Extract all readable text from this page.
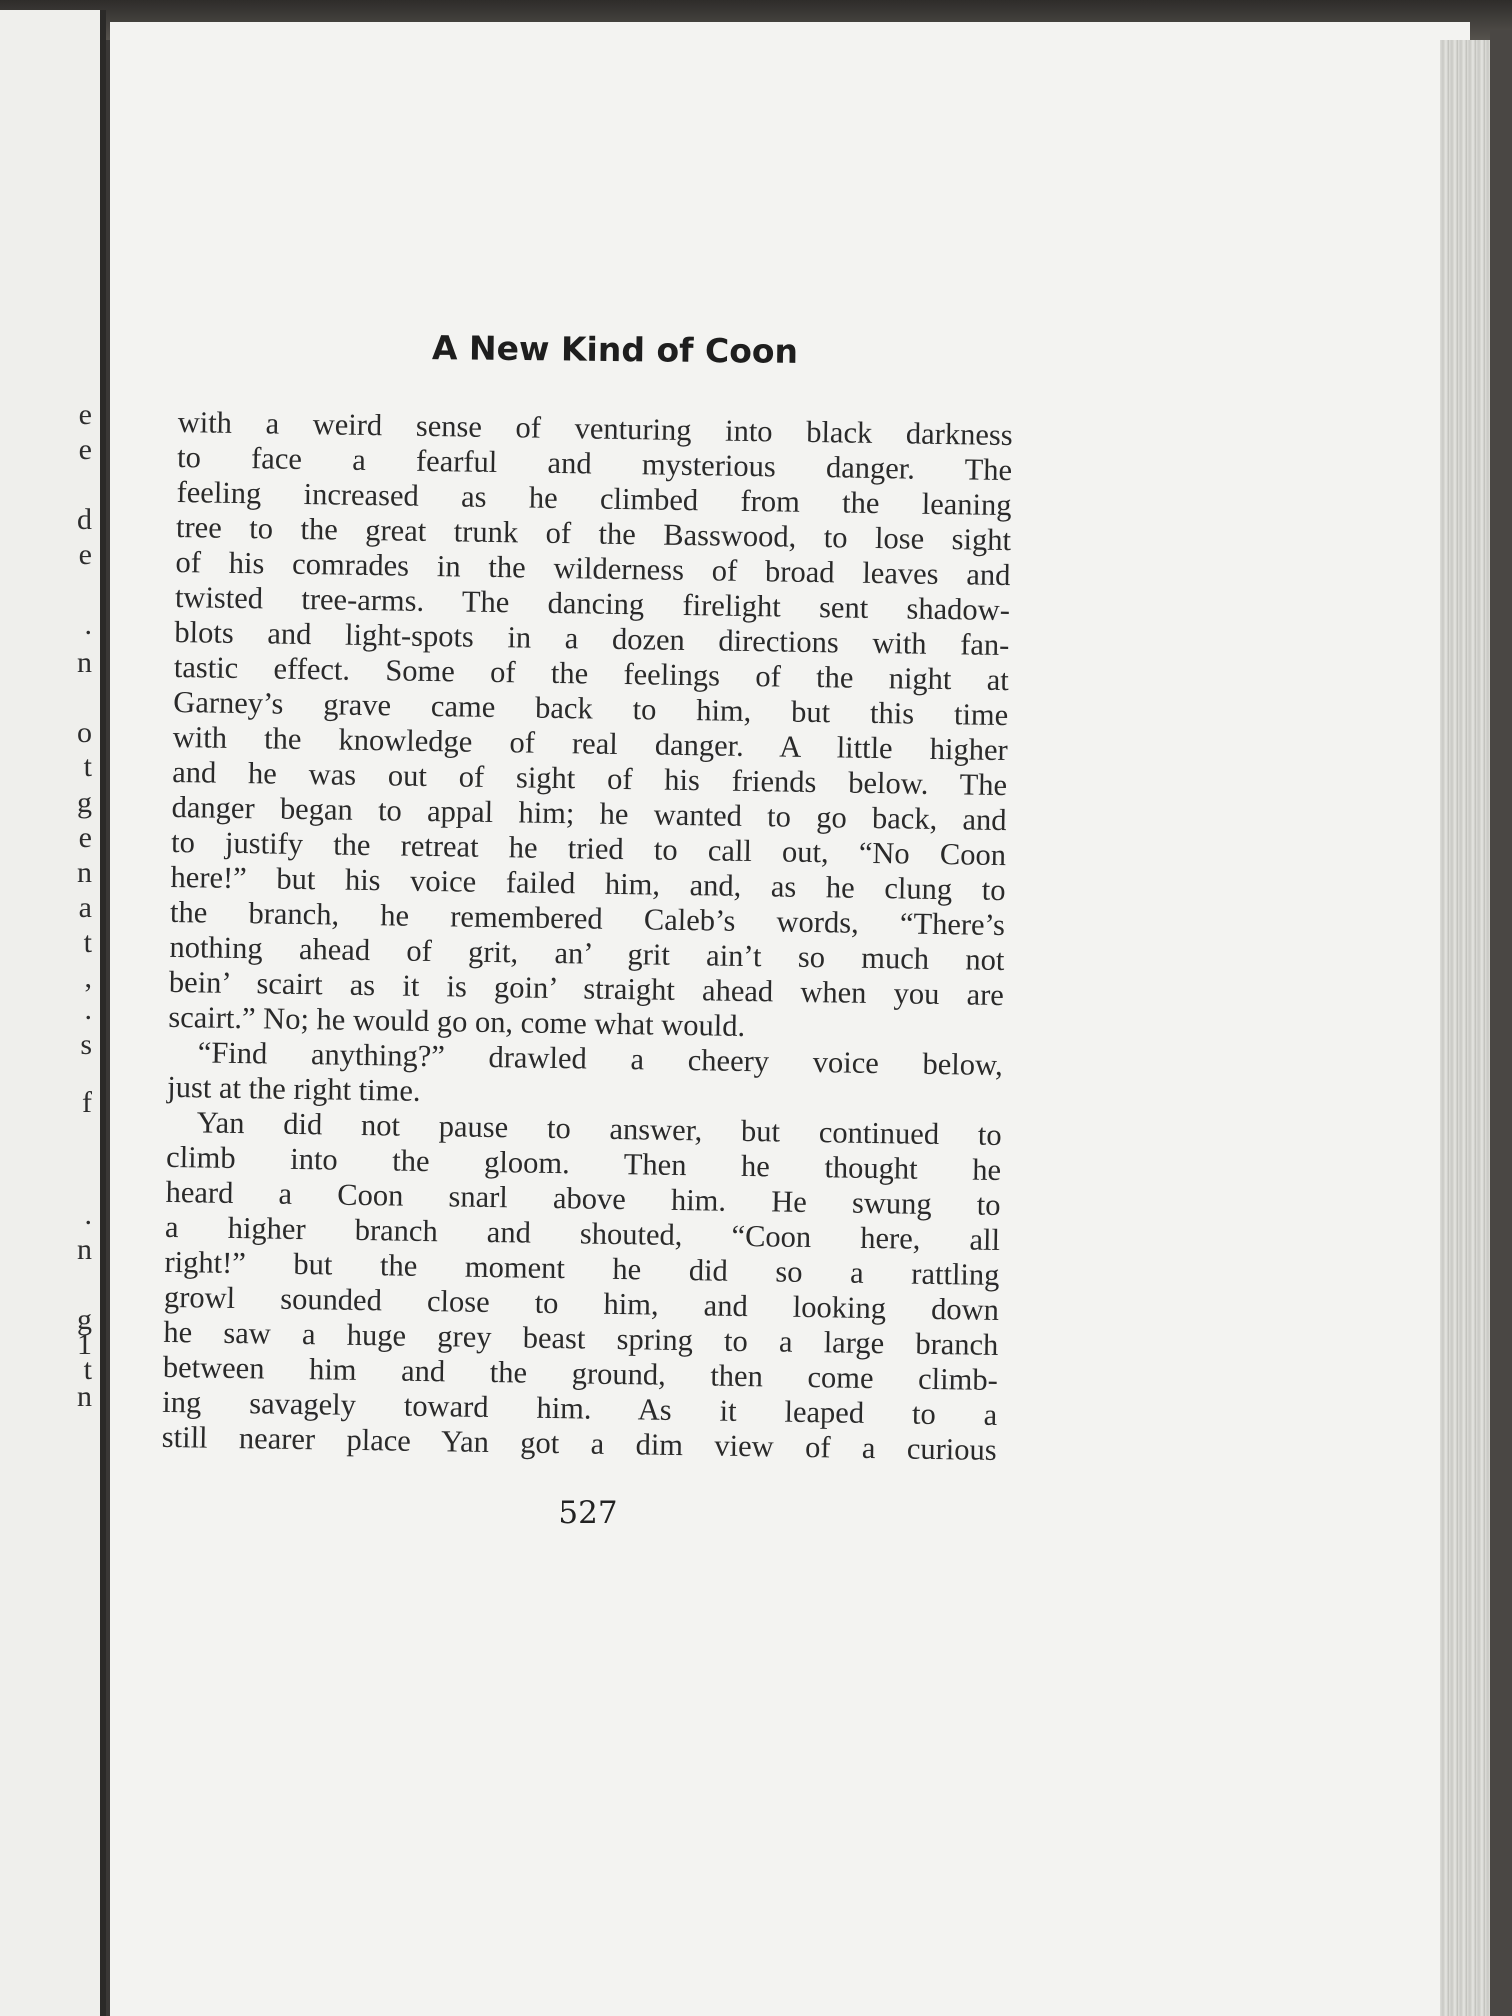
e
e
d
e
.
n
o
t
g
e
n
a
t
,
.
s
f
.
n
g
1
t
n
A New Kind of Coon
with a weird sense of venturing into black darkness
to face a fearful and mysterious danger. The
feeling increased as he climbed from the leaning
tree to the great trunk of the Basswood, to lose sight
of his comrades in the wilderness of broad leaves and
twisted tree-arms. The dancing firelight sent shadow-
blots and light-spots in a dozen directions with fan-
tastic effect. Some of the feelings of the night at
Garney’s grave came back to him, but this time
with the knowledge of real danger. A little higher
and he was out of sight of his friends below. The
danger began to appal him; he wanted to go back, and
to justify the retreat he tried to call out, “No Coon
here!” but his voice failed him, and, as he clung to
the branch, he remembered Caleb’s words, “There’s
nothing ahead of grit, an’ grit ain’t so much not
bein’ scairt as it is goin’ straight ahead when you are
scairt.” No; he would go on, come what would.
“Find anything?” drawled a cheery voice below,
just at the right time.
Yan did not pause to answer, but continued to
climb into the gloom. Then he thought he
heard a Coon snarl above him. He swung to
a higher branch and shouted, “Coon here, all
right!” but the moment he did so a rattling
growl sounded close to him, and looking down
he saw a huge grey beast spring to a large branch
between him and the ground, then come climb-
ing savagely toward him. As it leaped to a
still nearer place Yan got a dim view of a curious
527
